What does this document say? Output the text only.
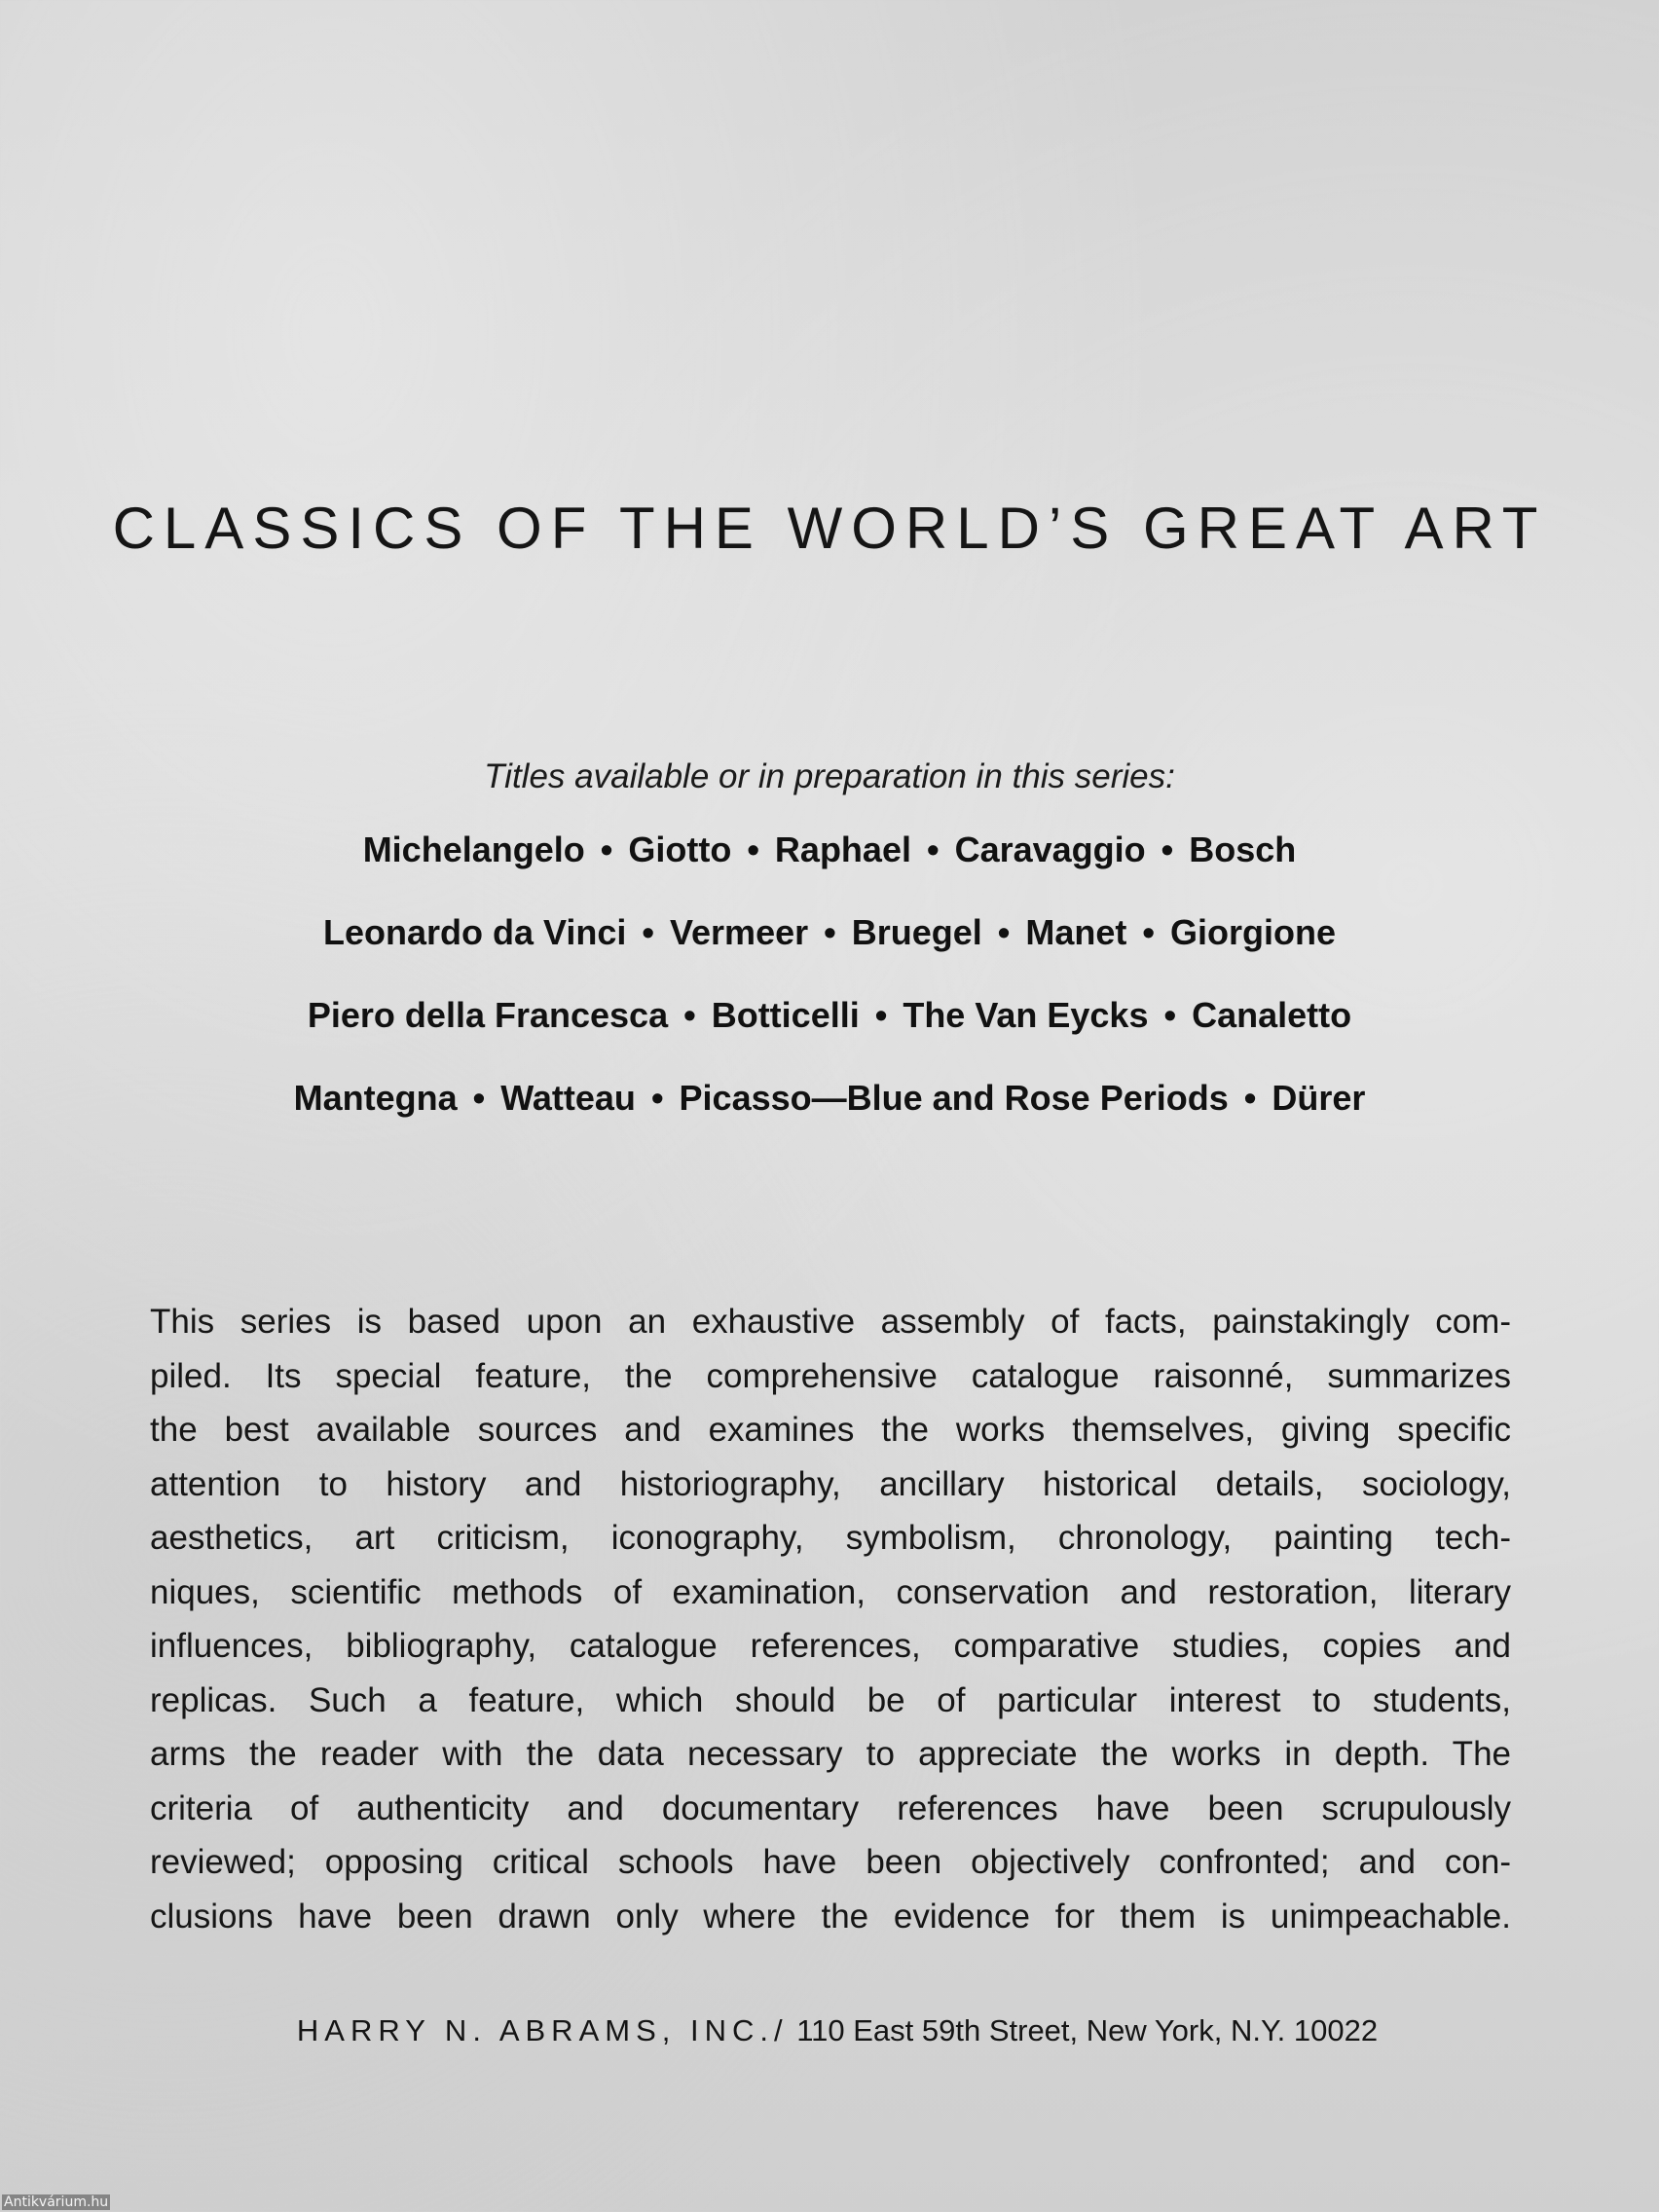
CLASSICS OF THE WORLD’S GREAT ART
Titles available or in preparation in this series:
Michelangelo • Giotto • Raphael • Caravaggio • Bosch
Leonardo da Vinci • Vermeer • Bruegel • Manet • Giorgione
Piero della Francesca • Botticelli • The Van Eycks • Canaletto
Mantegna • Watteau • Picasso—Blue and Rose Periods • Dürer
This series is based upon an exhaustive assembly of facts, painstakingly com-
piled. Its special feature, the comprehensive catalogue raisonné, summarizes
the best available sources and examines the works themselves, giving specific
attention to history and historiography, ancillary historical details, sociology,
aesthetics, art criticism, iconography, symbolism, chronology, painting tech-
niques, scientific methods of examination, conservation and restoration, literary
influences, bibliography, catalogue references, comparative studies, copies and
replicas. Such a feature, which should be of particular interest to students,
arms the reader with the data necessary to appreciate the works in depth. The
criteria of authenticity and documentary references have been scrupulously
reviewed; opposing critical schools have been objectively confronted; and con-
clusions have been drawn only where the evidence for them is unimpeachable.
HARRY N. ABRAMS, INC./ 110 East 59th Street, New York, N.Y. 10022
Antikvárium.hu
